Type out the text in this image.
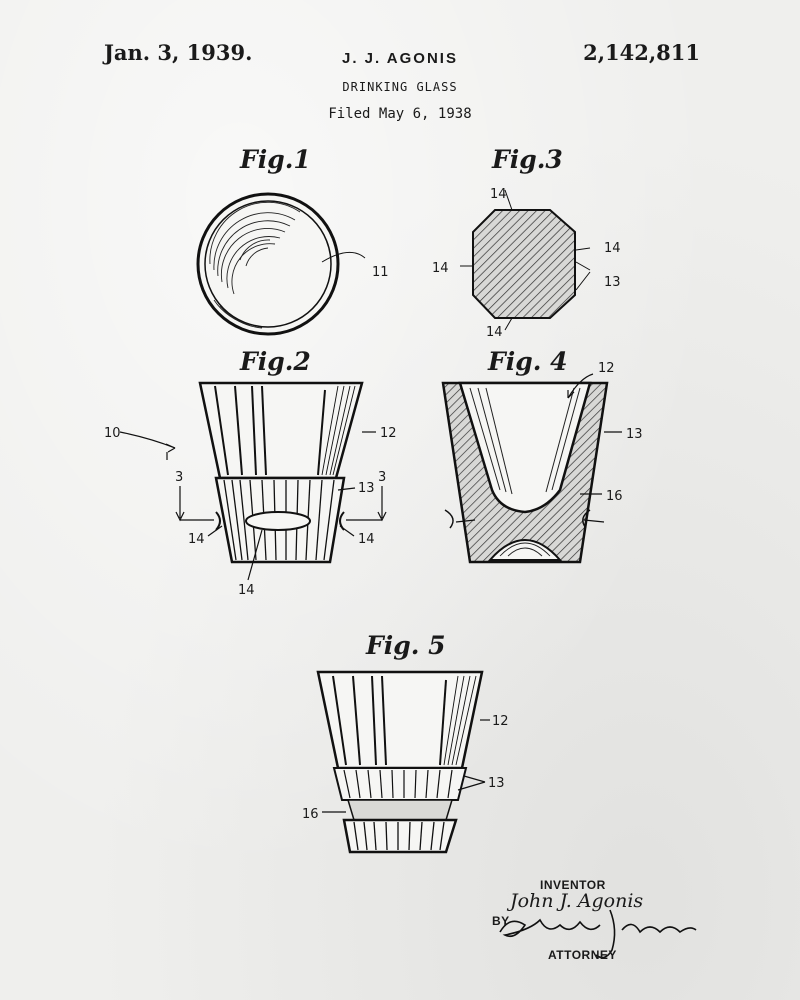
Jan. 3, 1939.	J. J. AGONIS
DRINKING GLASS
Filed May 6, 1938
2,142,811
Fig.1
11
Fig.3
14
14
14
14
13
Fig.2
10	12
13
3	3
14	14
14
Fig. 4 12
13
16
Fig. 5
12
13
16
INVENTOR
John J. Agonis
BY
ATTORNEY
